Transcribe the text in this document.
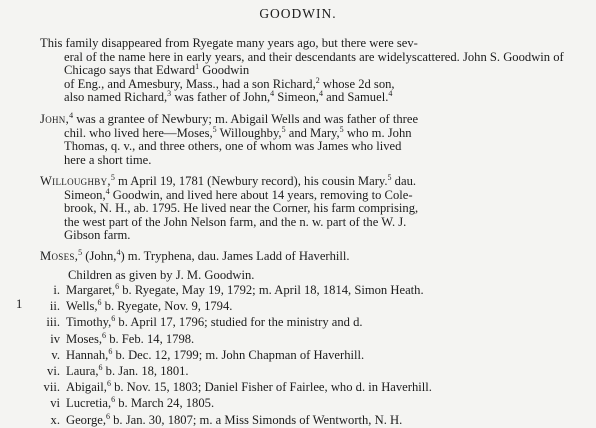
GOODWIN.
This family disappeared from Ryegate many years ago, but there were sev-
eral of the name here in early years, and their descendants are widelyscattered. John S. Goodwin of Chicago says that Edward$^1$ Goodwin
of Eng., and Amesbury, Mass., had a son Richard,$^2$ whose 2d son,
also named Richard,$^3$ was father of John,$^4$ Simeon,$^4$ and Samuel.$^4$
John,$^4$ was a grantee of Newbury; m. Abigail Wells and was father of three
chil. who lived here—Moses,$^5$ Willoughby,$^5$ and Mary,$^5$ who m. John
Thomas, q. v., and three others, one of whom was James who lived
here a short time.
Willoughby,$^5$ m April 19, 1781 (Newbury record), his cousin Mary.$^5$ dau.
Simeon,$^4$ Goodwin, and lived here about 14 years, removing to Cole-
brook, N. H., ab. 1795. He lived near the Corner, his farm comprising,
the west part of the John Nelson farm, and the n. w. part of the W. J.
Gibson farm.
Moses,$^5$ (John,$^4$) m. Tryphena, dau. James Ladd of Haverhill.
Children as given by J. M. Goodwin.
1
i. Margaret,$^6$ b. Ryegate, May 19, 1792; m. April 18, 1814, Simon Heath.
ii. Wells,$^6$ b. Ryegate, Nov. 9, 1794.
iii. Timothy,$^6$ b. April 17, 1796; studied for the ministry and d.
iv Moses,$^6$ b. Feb. 14, 1798.
v. Hannah,$^6$ b. Dec. 12, 1799; m. John Chapman of Haverhill.
vi. Laura,$^6$ b. Jan. 18, 1801.
vii. Abigail,$^6$ b. Nov. 15, 1803; Daniel Fisher of Fairlee, who d. in Haverhill.
vi Lucretia,$^6$ b. March 24, 1805.
x. George,$^6$ b. Jan. 30, 1807; m. a Miss Simonds of Wentworth, N. H.
